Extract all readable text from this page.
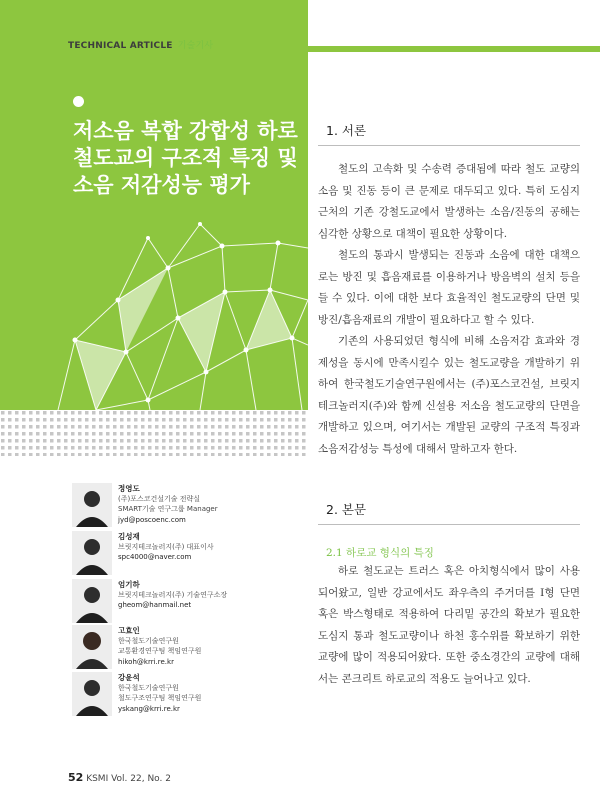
TECHNICAL ARTICLE 기술기사
저소음 복합 강합성 하로
철도교의 구조적 특징 및
소음 저감성능 평가
1. 서론

철도의 고속화 및 수송력 증대됨에 따라 철도 교량의 소음 및 진동 등이 큰 문제로 대두되고 있다. 특히 도심지 근처의 기존 강철도교에서 발생하는 소음/진동의 공해는 심각한 상황으로 대책이 필요한 상황이다.

철도의 통과시 발생되는 진동과 소음에 대한 대책으로는 방진 및 흡음재료를 이용하거나 방음벽의 설치 등을 들 수 있다. 이에 대한 보다 효율적인 철도교량의 단면 및 방진/흡음재료의 개발이 필요하다고 할 수 있다.

기존의 사용되었던 형식에 비해 소음저감 효과와 경제성을 동시에 만족시킬수 있는 철도교량을 개발하기 위하여 한국철도기술연구원에서는 (주)포스코건설, 브릿지테크놀러지(주)와 함께 신설용 저소음 철도교량의 단면을 개발하고 있으며, 여기서는 개발된 교량의 구조적 특징과 소음저감성능 특성에 대해서 말하고자 한다.

2. 본문
2.1 하로교 형식의 특징

하로 철도교는 트러스 혹은 아치형식에서 많이 사용되어왔고, 일반 강교에서도 좌우측의 주거더를 I형 단면 혹은 박스형태로 적용하여 다리밑 공간의 확보가 필요한 도심지 통과 철도교량이나 하천 홍수위를 확보하기 위한 교량에 많이 적용되어왔다. 또한 중소경간의 교량에 대해서는 콘크리트 하로교의 적용도 늘어나고 있다.

정영도
(주)포스코건설기술 전략실
SMART기술 연구그룹 Manager
jyd@poscoenc.com
김성재
브릿지테크놀러지(주) 대표이사
spc4000@naver.com
엄기하
브릿지테크놀러지(주) 기술연구소장
gheom@hanmail.net
고효인
한국철도기술연구원
교통환경연구팀 책임연구원
hikoh@krri.re.kr
강윤석
한국철도기술연구원
철도구조연구팀 책임연구원
yskang@krri.re.kr
52 KSMI Vol. 22, No. 2
